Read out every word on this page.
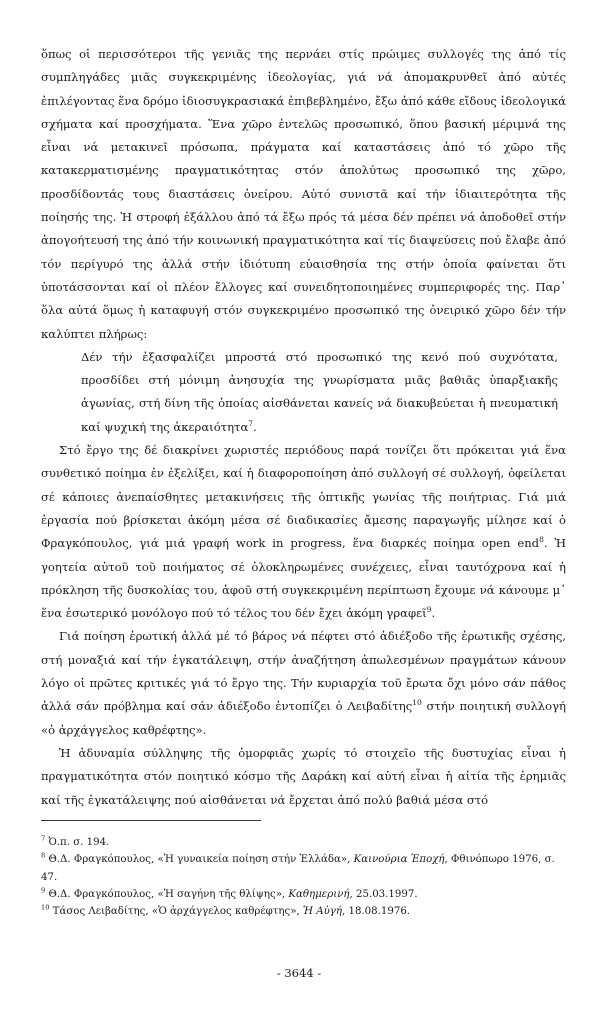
ὅπως οἱ περισσότεροι τῆς γενιᾶς της περνάει στίς πρώιμες συλλογές της ἀπό τίς συμπληγάδες μιᾶς συγκεκριμένης ἰδεολογίας, γιά νά ἀπομακρυνθεῖ ἀπό αὐτές ἐπιλέγοντας ἕνα δρόμο ἰδιοσυγκρασιακά ἐπιβεβλημένο, ἔξω ἀπό κάθε εἴδους ἰδεολογικά σχήματα καί προσχήματα. Ἕνα χῶρο ἐντελῶς προσωπικό, ὅπου βασική μέριμνά της εἶναι νά μετακινεῖ πρόσωπα, πράγματα καί καταστάσεις ἀπό τό χῶρο τῆς κατακερματισμένης πραγματικότητας στόν ἀπολύτως προσωπικό της χῶρο, προσδίδοντάς τους διαστάσεις ὀνείρου. Αὐτό συνιστᾶ καί τήν ἰδιαιτερότητα τῆς ποίησής της. Ἡ στροφή ἐξάλλου ἀπό τά ἔξω πρός τά μέσα δέν πρέπει νά ἀποδοθεῖ στήν ἀπογοήτευσή της ἀπό τήν κοινωνική πραγματικότητα καί τίς διαψεύσεις πού ἔλαβε ἀπό τόν περίγυρό της ἀλλά στήν ἰδιότυπη εὐαισθησία της στήν ὁποία φαίνεται ὅτι ὑποτάσσονται καί οἱ πλέον ἔλλογες καί συνειδητοποιημένες συμπεριφορές της. Παρ᾿ ὅλα αὐτά ὅμως ἡ καταφυγή στόν συγκεκριμένο προσωπικό της ὀνειρικό χῶρο δέν τήν καλύπτει πλήρως:

Δέν τήν ἐξασφαλίζει μπροστά στό προσωπικό της κενό πού συχνότατα, προσδίδει στή μόνιμη ἀνησυχία της γνωρίσματα μιᾶς βαθιᾶς ὑπαρξιακῆς ἀγωνίας, στή δίνη τῆς ὁποίας αἰσθάνεται κανείς νά διακυβεύεται ἡ πνευματική καί ψυχική της ἀκεραιότητα$^7$.

Στό ἔργο της δέ διακρίνει χωριστές περιόδους παρά τονίζει ὅτι πρόκειται γιά ἕνα συνθετικό ποίημα ἐν ἐξελίξει, καί ἡ διαφοροποίηση ἀπό συλλογή σέ συλλογή, ὀφείλεται σέ κάποιες ἀνεπαίσθητες μετακινήσεις τῆς ὀπτικῆς γωνίας τῆς ποιήτριας. Γιά μιά ἐργασία πού βρίσκεται ἀκόμη μέσα σέ διαδικασίες ἄμεσης παραγωγῆς μίλησε καί ὁ Φραγκόπουλος, γιά μιά γραφή work in progress, ἕνα διαρκές ποίημα open end$^8$. Ἡ γοητεία αὐτοῦ τοῦ ποιήματος σέ ὁλοκληρωμένες συνέχειες, εἶναι ταυτόχρονα καί ἡ πρόκληση τῆς δυσκολίας του, ἀφοῦ στή συγκεκριμένη περίπτωση ἔχουμε νά κάνουμε μ᾿ ἕνα ἐσωτερικό μονόλογο πού τό τέλος του δέν ἔχει ἀκόμη γραφεῖ$^9$.

Γιά ποίηση ἐρωτική ἀλλά μέ τό βάρος νά πέφτει στό ἀδιέξοδο τῆς ἐρωτικῆς σχέσης, στή μοναξιά καί τήν ἐγκατάλειψη, στήν ἀναζήτηση ἀπωλεσμένων πραγμάτων κάνουν λόγο οἱ πρῶτες κριτικές γιά τό ἔργο της. Τήν κυριαρχία τοῦ ἔρωτα ὄχι μόνο σάν πάθος ἀλλά σάν πρόβλημα καί σάν ἀδιέξοδο ἐντοπίζει ὁ Λειβαδίτης$^{10}$ στήν ποιητική συλλογή «ὁ ἀρχάγγελος καθρέφτης».

Ἡ ἀδυναμία σύλληψης τῆς ὀμορφιᾶς χωρίς τό στοιχεῖο τῆς δυστυχίας εἶναι ἡ πραγματικότητα στόν ποιητικό κόσμο τῆς Δαράκη καί αὐτή εἶναι ἡ αἰτία τῆς ἐρημιᾶς καί τῆς ἐγκατάλειψης πού αἰσθάνεται νά ἔρχεται ἀπό πολύ βαθιά μέσα στό

$^7$ Ὀ.π. σ. 194.

$^8$ Θ.Δ. Φραγκόπουλος, «Ἡ γυναικεία ποίηση στήν Ἑλλάδα», Καινούρια Ἐποχή, Φθινόπωρο 1976, σ. 47.

$^9$ Θ.Δ. Φραγκόπουλος, «Ἡ σαγήνη τῆς θλίψης», Καθημερινή, 25.03.1997.

$^{10}$ Τάσος Λειβαδίτης, «Ὁ ἀρχάγγελος καθρέφτης», Ἡ Αὐγή, 18.08.1976.

- 3644 -
